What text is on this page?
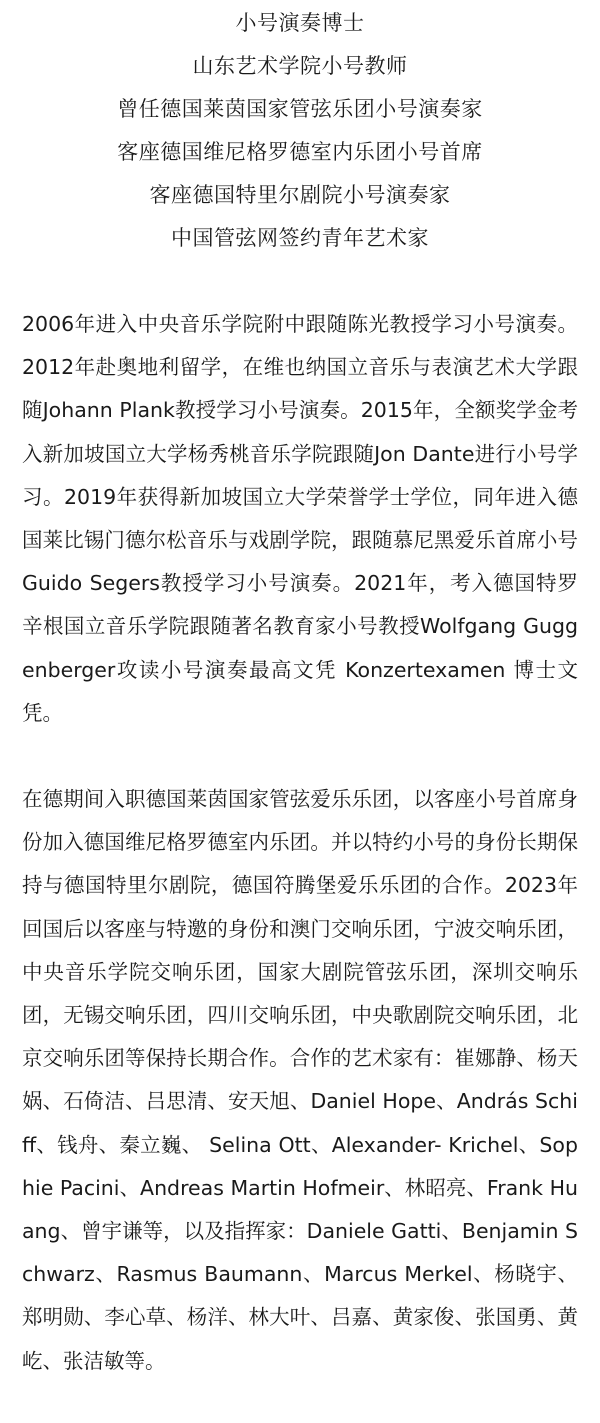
小号演奏博士
山东艺术学院小号教师
曾任德国莱茵国家管弦乐团小号演奏家
客座德国维尼格罗德室内乐团小号首席
客座德国特里尔剧院小号演奏家
中国管弦网签约青年艺术家

2006年进入中央音乐学院附中跟随陈光教授学习小号演奏。2012年赴奥地利留学，在维也纳国立音乐与表演艺术大学跟随Johann Plank教授学习小号演奏。2015年，全额奖学金考入新加坡国立大学杨秀桃音乐学院跟随Jon Dante进行小号学习。2019年获得新加坡国立大学荣誉学士学位，同年进入德国莱比锡门德尔松音乐与戏剧学院，跟随慕尼黑爱乐首席小号Guido Segers教授学习小号演奏。2021年，考入德国特罗辛根国立音乐学院跟随著名教育家小号教授Wolfgang Guggenberger攻读小号演奏最高文凭 Konzertexamen 博士文凭。

在德期间入职德国莱茵国家管弦爱乐乐团，以客座小号首席身份加入德国维尼格罗德室内乐团。并以特约小号的身份长期保持与德国特里尔剧院，德国符腾堡爱乐乐团的合作。2023年回国后以客座与特邀的身份和澳门交响乐团，宁波交响乐团，中央音乐学院交响乐团，国家大剧院管弦乐团，深圳交响乐团，无锡交响乐团，四川交响乐团，中央歌剧院交响乐团，北京交响乐团等保持长期合作。合作的艺术家有：崔娜静、杨天娲、石倚洁、吕思清、安天旭、Daniel Hope、András Schiff、钱舟、秦立巍、 Selina Ott、Alexander- Krichel、Sophie Pacini、Andreas Martin Hofmeir、林昭亮、Frank Huang、曾宇谦等，以及指挥家：Daniele Gatti、Benjamin Schwarz、Rasmus Baumann、Marcus Merkel、杨晓宇、郑明勋、李心草、杨洋、林大叶、吕嘉、黄家俊、张国勇、黄屹、张洁敏等。
